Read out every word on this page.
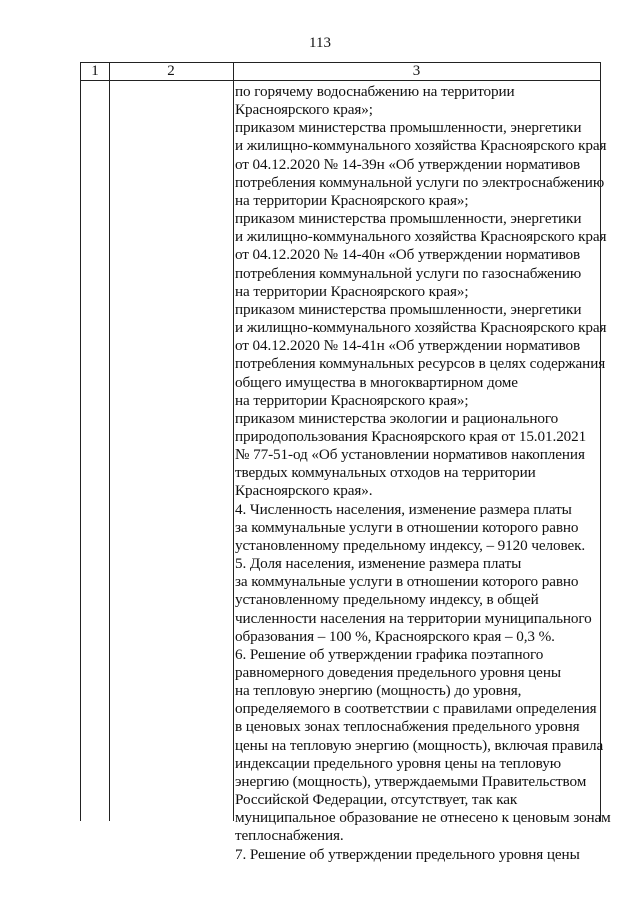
113
1	2	3
по горячему водоснабжению на территории
Красноярского края»;
приказом министерства промышленности, энергетики
и жилищно-коммунального хозяйства Красноярского края
от 04.12.2020 № 14-39н «Об утверждении нормативов
потребления коммунальной услуги по электроснабжению
на территории Красноярского края»;
приказом министерства промышленности, энергетики
и жилищно-коммунального хозяйства Красноярского края
от 04.12.2020 № 14-40н «Об утверждении нормативов
потребления коммунальной услуги по газоснабжению
на территории Красноярского края»;
приказом министерства промышленности, энергетики
и жилищно-коммунального хозяйства Красноярского края
от 04.12.2020 № 14-41н «Об утверждении нормативов
потребления коммунальных ресурсов в целях содержания
общего имущества в многоквартирном доме
на территории Красноярского края»;
приказом министерства экологии и рационального
природопользования Красноярского края от 15.01.2021
№ 77-51-од «Об установлении нормативов накопления
твердых коммунальных отходов на территории
Красноярского края».
4. Численность населения, изменение размера платы
за коммунальные услуги в отношении которого равно
установленному предельному индексу, – 9120 человек.
5. Доля населения, изменение размера платы
за коммунальные услуги в отношении которого равно
установленному предельному индексу, в общей
численности населения на территории муниципального
образования – 100 %, Красноярского края – 0,3 %.
6. Решение об утверждении графика поэтапного
равномерного доведения предельного уровня цены
на тепловую энергию (мощность) до уровня,
определяемого в соответствии с правилами определения
в ценовых зонах теплоснабжения предельного уровня
цены на тепловую энергию (мощность), включая правила
индексации предельного уровня цены на тепловую
энергию (мощность), утверждаемыми Правительством
Российской Федерации, отсутствует, так как
муниципальное образование не отнесено к ценовым зонам
теплоснабжения.
7. Решение об утверждении предельного уровня цены
